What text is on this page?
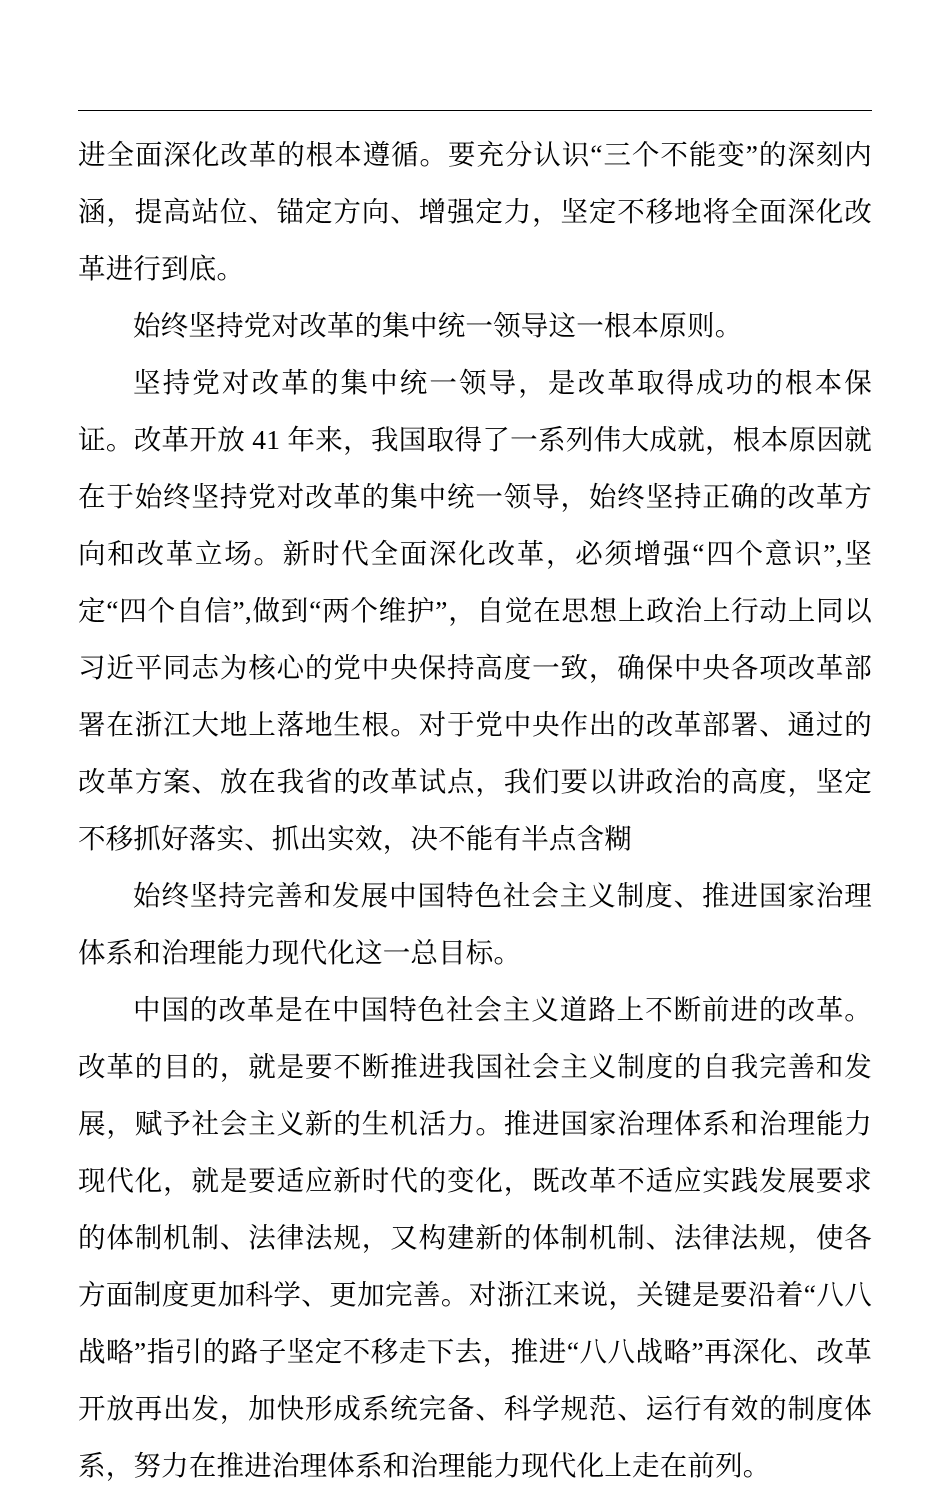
进全面深化改革的根本遵循。要充分认识“三个不能变”的深刻内涵，提高站位、锚定方向、增强定力，坚定不移地将全面深化改革进行到底。

始终坚持党对改革的集中统一领导这一根本原则。

坚持党对改革的集中统一领导，是改革取得成功的根本保证。改革开放 41 年来，我国取得了一系列伟大成就，根本原因就在于始终坚持党对改革的集中统一领导，始终坚持正确的改革方向和改革立场。新时代全面深化改革，必须增强“四个意识”,坚定“四个自信”,做到“两个维护”，自觉在思想上政治上行动上同以习近平同志为核心的党中央保持高度一致，确保中央各项改革部署在浙江大地上落地生根。对于党中央作出的改革部署、通过的改革方案、放在我省的改革试点，我们要以讲政治的高度，坚定不移抓好落实、抓出实效，决不能有半点含糊

始终坚持完善和发展中国特色社会主义制度、推进国家治理体系和治理能力现代化这一总目标。

中国的改革是在中国特色社会主义道路上不断前进的改革。改革的目的，就是要不断推进我国社会主义制度的自我完善和发展，赋予社会主义新的生机活力。推进国家治理体系和治理能力现代化，就是要适应新时代的变化，既改革不适应实践发展要求的体制机制、法律法规，又构建新的体制机制、法律法规，使各方面制度更加科学、更加完善。对浙江来说，关键是要沿着“八八战略”指引的路子坚定不移走下去，推进“八八战略”再深化、改革开放再出发，加快形成系统完备、科学规范、运行有效的制度体系，努力在推进治理体系和治理能力现代化上走在前列。
